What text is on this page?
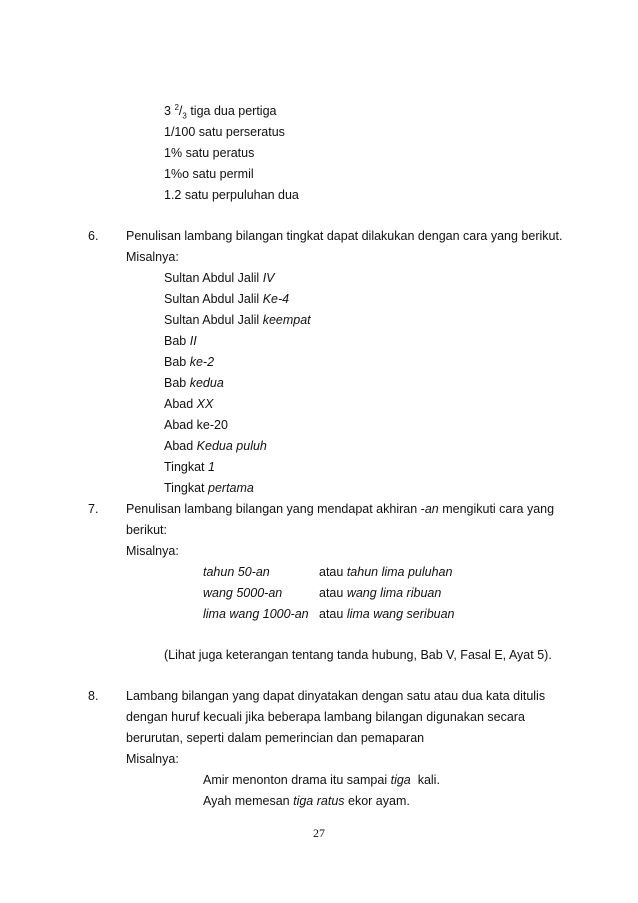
3 $^2/_3$ tiga dua pertiga
1/100 satu perseratus
1% satu peratus
1%o satu permil
1.2 satu perpuluhan dua
6. Penulisan lambang bilangan tingkat dapat dilakukan dengan cara yang berikut.
Misalnya:
Sultan Abdul Jalil IV
Sultan Abdul Jalil Ke-4
Sultan Abdul Jalil keempat
Bab II
Bab ke-2
Bab kedua
Abad XX
Abad ke-20
Abad Kedua puluh
Tingkat 1
Tingkat pertama
7. Penulisan lambang bilangan yang mendapat akhiran -an mengikuti cara yang
berikut:
Misalnya:
tahun 50-an	atau tahun lima puluhan
wang 5000-an	atau wang lima ribuan
lima wang 1000-an atau lima wang seribuan
(Lihat juga keterangan tentang tanda hubung, Bab V, Fasal E, Ayat 5).
8. Lambang bilangan yang dapat dinyatakan dengan satu atau dua kata ditulis
dengan huruf kecuali jika beberapa lambang bilangan digunakan secara
berurutan, seperti dalam pemerincian dan pemaparan
Misalnya:
Amir menonton drama itu sampai tiga  kali.
Ayah memesan tiga ratus ekor ayam.
27
